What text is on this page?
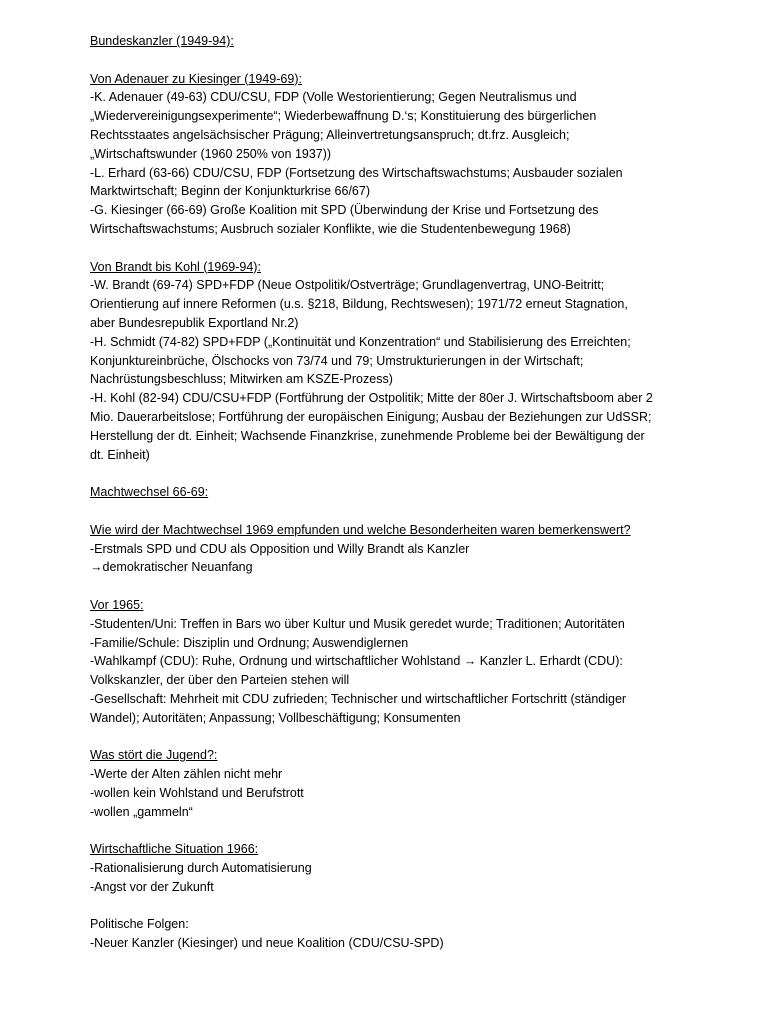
Bundeskanzler (1949-94):
Von Adenauer zu Kiesinger (1949-69):
-K. Adenauer (49-63) CDU/CSU, FDP (Volle Westorientierung; Gegen Neutralismus und
„Wiedervereinigungsexperimente“; Wiederbewaffnung D.‘s; Konstituierung des bürgerlichen
Rechtsstaates angelsächsischer Prägung; Alleinvertretungsanspruch; dt.frz. Ausgleich;
„Wirtschaftswunder (1960 250% von 1937))
-L. Erhard (63-66) CDU/CSU, FDP (Fortsetzung des Wirtschaftswachstums; Ausbauder sozialen
Marktwirtschaft; Beginn der Konjunkturkrise 66/67)
-G. Kiesinger (66-69) Große Koalition mit SPD (Überwindung der Krise und Fortsetzung des
Wirtschaftswachstums; Ausbruch sozialer Konflikte, wie die Studentenbewegung 1968)
Von Brandt bis Kohl (1969-94):
-W. Brandt (69-74) SPD+FDP (Neue Ostpolitik/Ostverträge; Grundlagenvertrag, UNO-Beitritt;
Orientierung auf innere Reformen (u.s. §218, Bildung, Rechtswesen); 1971/72 erneut Stagnation,
aber Bundesrepublik Exportland Nr.2)
-H. Schmidt (74-82) SPD+FDP („Kontinuität und Konzentration“ und Stabilisierung des Erreichten;
Konjunktureinbrüche, Ölschocks von 73/74 und 79; Umstrukturierungen in der Wirtschaft;
Nachrüstungsbeschluss; Mitwirken am KSZE-Prozess)
-H. Kohl (82-94) CDU/CSU+FDP (Fortführung der Ostpolitik; Mitte der 80er J. Wirtschaftsboom aber 2
Mio. Dauerarbeitslose; Fortführung der europäischen Einigung; Ausbau der Beziehungen zur UdSSR;
Herstellung der dt. Einheit; Wachsende Finanzkrise, zunehmende Probleme bei der Bewältigung der
dt. Einheit)
Machtwechsel 66-69:
Wie wird der Machtwechsel 1969 empfunden und welche Besonderheiten waren bemerkenswert?
-Erstmals SPD und CDU als Opposition und Willy Brandt als Kanzler
→demokratischer Neuanfang
Vor 1965:
-Studenten/Uni: Treffen in Bars wo über Kultur und Musik geredet wurde; Traditionen; Autoritäten
-Familie/Schule: Disziplin und Ordnung; Auswendiglernen
-Wahlkampf (CDU): Ruhe, Ordnung und wirtschaftlicher Wohlstand → Kanzler L. Erhardt (CDU):
Volkskanzler, der über den Parteien stehen will
-Gesellschaft: Mehrheit mit CDU zufrieden; Technischer und wirtschaftlicher Fortschritt (ständiger
Wandel); Autoritäten; Anpassung; Vollbeschäftigung; Konsumenten
Was stört die Jugend?:
-Werte der Alten zählen nicht mehr
-wollen kein Wohlstand und Berufstrott
-wollen „gammeln“
Wirtschaftliche Situation 1966:
-Rationalisierung durch Automatisierung
-Angst vor der Zukunft
Politische Folgen:
-Neuer Kanzler (Kiesinger) und neue Koalition (CDU/CSU-SPD)
